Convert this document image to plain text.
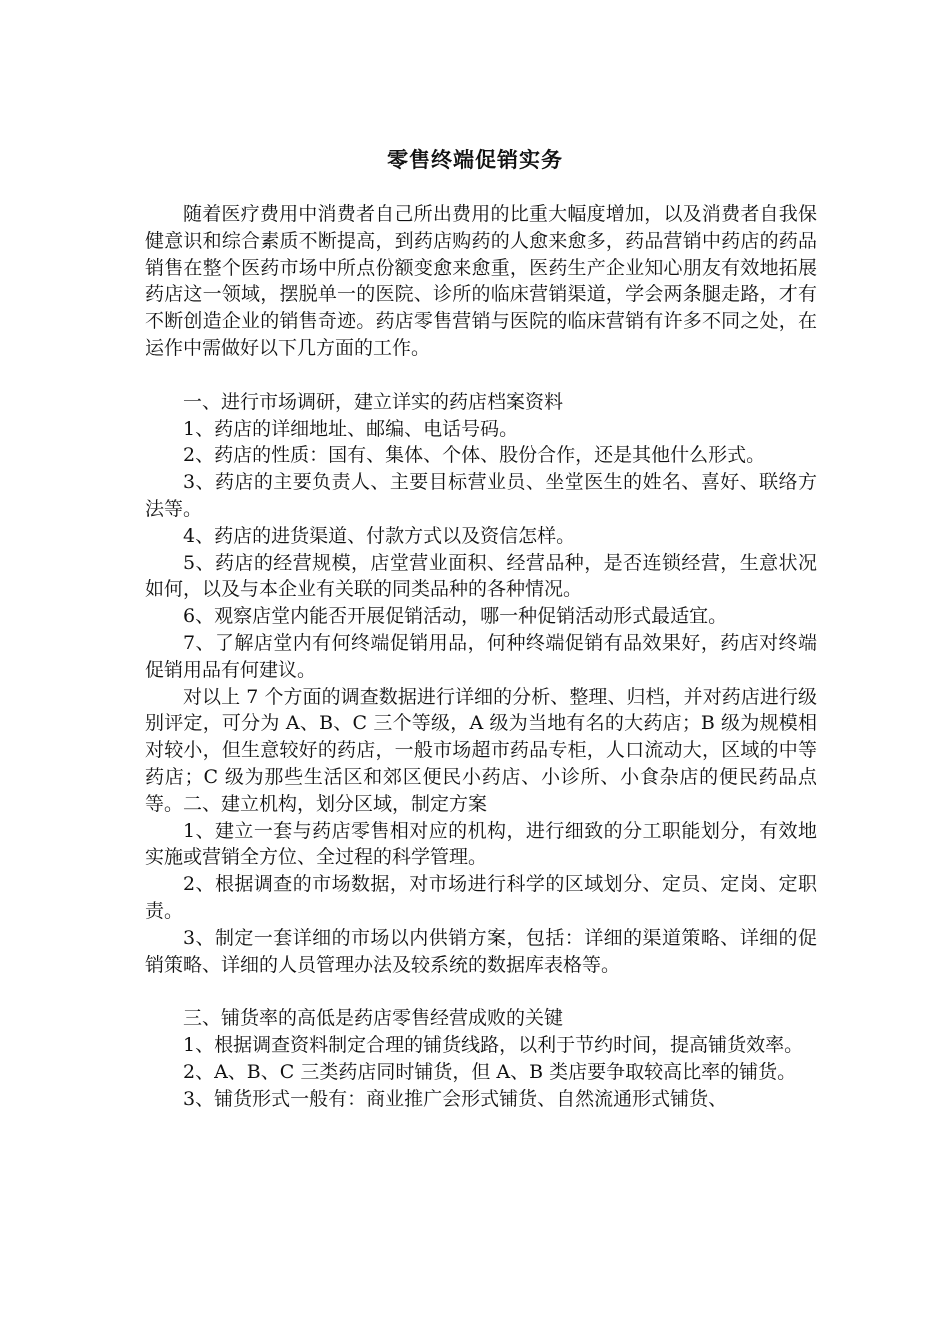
零售终端促销实务

随着医疗费用中消费者自己所出费用的比重大幅度增加，以及消费者自我保健意识和综合素质不断提高，到药店购药的人愈来愈多，药品营销中药店的药品销售在整个医药市场中所点份额变愈来愈重，医药生产企业知心朋友有效地拓展药店这一领域，摆脱单一的医院、诊所的临床营销渠道，学会两条腿走路，才有不断创造企业的销售奇迹。药店零售营销与医院的临床营销有许多不同之处，在运作中需做好以下几方面的工作。

一、进行市场调研，建立详实的药店档案资料

1、药店的详细地址、邮编、电话号码。

2、药店的性质：国有、集体、个体、股份合作，还是其他什么形式。

3、药店的主要负责人、主要目标营业员、坐堂医生的姓名、喜好、联络方法等。

4、药店的进货渠道、付款方式以及资信怎样。

5、药店的经营规模，店堂营业面积、经营品种，是否连锁经营，生意状况如何，以及与本企业有关联的同类品种的各种情况。

6、观察店堂内能否开展促销活动，哪一种促销活动形式最适宜。

7、了解店堂内有何终端促销用品，何种终端促销有品效果好，药店对终端促销用品有何建议。

对以上 7 个方面的调查数据进行详细的分析、整理、归档，并对药店进行级别评定，可分为 A、B、C 三个等级，A 级为当地有名的大药店；B 级为规模相对较小，但生意较好的药店，一般市场超市药品专柜，人口流动大，区域的中等药店；C 级为那些生活区和郊区便民小药店、小诊所、小食杂店的便民药品点等。二、建立机构，划分区域，制定方案

1、建立一套与药店零售相对应的机构，进行细致的分工职能划分，有效地实施或营销全方位、全过程的科学管理。

2、根据调查的市场数据，对市场进行科学的区域划分、定员、定岗、定职责。

3、制定一套详细的市场以内供销方案，包括：详细的渠道策略、详细的促销策略、详细的人员管理办法及较系统的数据库表格等。

三、铺货率的高低是药店零售经营成败的关键

1、根据调查资料制定合理的铺货线路，以利于节约时间，提高铺货效率。

2、A、B、C 三类药店同时铺货，但 A、B 类店要争取较高比率的铺货。

3、铺货形式一般有：商业推广会形式铺货、自然流通形式铺货、
